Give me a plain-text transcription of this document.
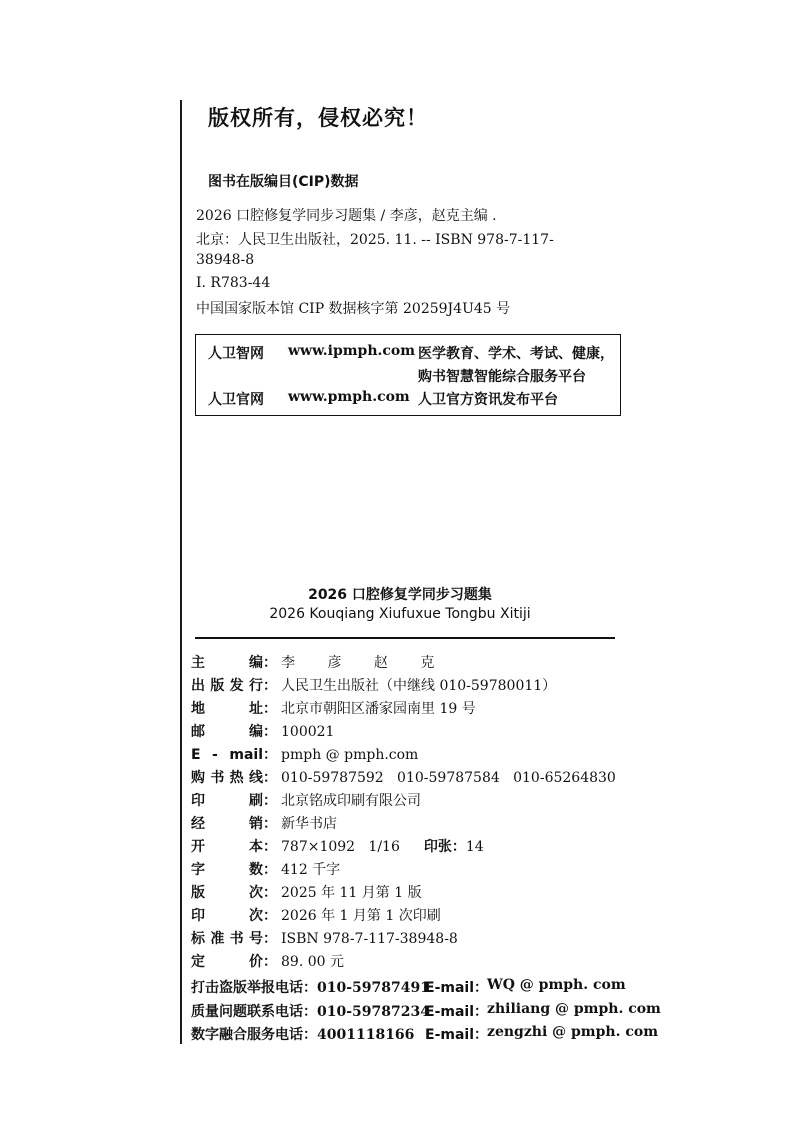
版权所有，侵权必究！
图书在版编目(CIP)数据
2026 口腔修复学同步习题集 / 李彦，赵克主编 .
北京：人民卫生出版社，2025. 11. -- ISBN 978-7-117-
38948-8
Ⅰ. R783-44
中国国家版本馆 CIP 数据核字第 20259J4U45 号
人卫智网 www.ipmph.com 医学教育、学术、考试、健康，
购书智慧智能综合服务平台
人卫官网 www.pmph.com 人卫官方资讯发布平台
2026 口腔修复学同步习题集
2026 Kouqiang Xiufuxue Tongbu Xitiji
主编 ： 李 彦 赵 克
出版发行 ： 人民卫生出版社（中继线 010-59780011）
地址 ： 北京市朝阳区潘家园南里 19 号
邮编 ： 100021
E - mail ： pmph @ pmph.com
购书热线 ： 010-59787592   010-59787584   010-65264830
印刷 ： 北京铭成印刷有限公司
经销 ： 新华书店
开本 ： 787×1092   1/16 印张：14
字数 ： 412 千字
版次 ： 2025 年 11 月第 1 版
印次 ： 2026 年 1 月第 1 次印刷
标准书号 ： ISBN 978-7-117-38948-8
定价 ： 89. 00 元
打击盗版举报电话：010-59787491
E-mail：
WQ @ pmph. com
质量问题联系电话：010-59787234
E-mail：
zhiliang @ pmph. com
数字融合服务电话：4001118166 E-mail：
zengzhi @ pmph. com
